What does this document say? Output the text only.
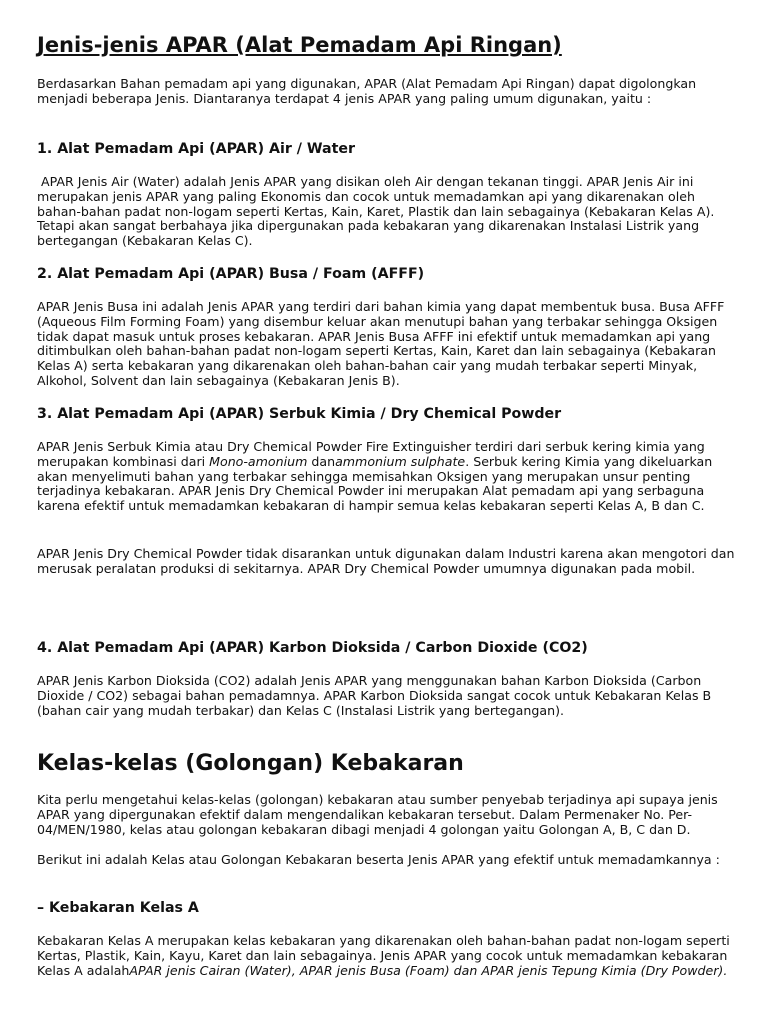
Jenis-jenis APAR (Alat Pemadam Api Ringan)

Berdasarkan Bahan pemadam api yang digunakan, APAR (Alat Pemadam Api Ringan) dapat digolongkan menjadi beberapa Jenis. Diantaranya terdapat 4 jenis APAR yang paling umum digunakan, yaitu :

1. Alat Pemadam Api (APAR) Air / Water

APAR Jenis Air (Water) adalah Jenis APAR yang disikan oleh Air dengan tekanan tinggi. APAR Jenis Air ini merupakan jenis APAR yang paling Ekonomis dan cocok untuk memadamkan api yang dikarenakan oleh bahan-bahan padat non-logam seperti Kertas, Kain, Karet, Plastik dan lain sebagainya (Kebakaran Kelas A). Tetapi akan sangat berbahaya jika dipergunakan pada kebakaran yang dikarenakan Instalasi Listrik yang bertegangan (Kebakaran Kelas C).

2. Alat Pemadam Api (APAR) Busa / Foam (AFFF)

APAR Jenis Busa ini adalah Jenis APAR yang terdiri dari bahan kimia yang dapat membentuk busa. Busa AFFF (Aqueous Film Forming Foam) yang disembur keluar akan menutupi bahan yang terbakar sehingga Oksigen tidak dapat masuk untuk proses kebakaran. APAR Jenis Busa AFFF ini efektif untuk memadamkan api yang ditimbulkan oleh bahan-bahan padat non-logam seperti Kertas, Kain, Karet dan lain sebagainya (Kebakaran Kelas A) serta kebakaran yang dikarenakan oleh bahan-bahan cair yang mudah terbakar seperti Minyak, Alkohol, Solvent dan lain sebagainya (Kebakaran Jenis B).

3. Alat Pemadam Api (APAR) Serbuk Kimia / Dry Chemical Powder

APAR Jenis Serbuk Kimia atau Dry Chemical Powder Fire Extinguisher terdiri dari serbuk kering kimia yang merupakan kombinasi dari Mono-amonium danammonium sulphate. Serbuk kering Kimia yang dikeluarkan akan menyelimuti bahan yang terbakar sehingga memisahkan Oksigen yang merupakan unsur penting terjadinya kebakaran. APAR Jenis Dry Chemical Powder ini merupakan Alat pemadam api yang serbaguna karena efektif untuk memadamkan kebakaran di hampir semua kelas kebakaran seperti Kelas A, B dan C.

APAR Jenis Dry Chemical Powder tidak disarankan untuk digunakan dalam Industri karena akan mengotori dan merusak peralatan produksi di sekitarnya. APAR Dry Chemical Powder umumnya digunakan pada mobil.

4. Alat Pemadam Api (APAR) Karbon Dioksida / Carbon Dioxide (CO2)

APAR Jenis Karbon Dioksida (CO2) adalah Jenis APAR yang menggunakan bahan Karbon Dioksida (Carbon Dioxide / CO2) sebagai bahan pemadamnya. APAR Karbon Dioksida sangat cocok untuk Kebakaran Kelas B (bahan cair yang mudah terbakar) dan Kelas C (Instalasi Listrik yang bertegangan).

Kelas-kelas (Golongan) Kebakaran

Kita perlu mengetahui kelas-kelas (golongan) kebakaran atau sumber penyebab terjadinya api supaya jenis APAR yang dipergunakan efektif dalam mengendalikan kebakaran tersebut. Dalam Permenaker No. Per-04/MEN/1980, kelas atau golongan kebakaran dibagi menjadi 4 golongan yaitu Golongan A, B, C dan D.

Berikut ini adalah Kelas atau Golongan Kebakaran beserta Jenis APAR yang efektif untuk memadamkannya :

– Kebakaran Kelas A

Kebakaran Kelas A merupakan kelas kebakaran yang dikarenakan oleh bahan-bahan padat non-logam seperti Kertas, Plastik, Kain, Kayu, Karet dan lain sebagainya. Jenis APAR yang cocok untuk memadamkan kebakaran Kelas A adalahAPAR jenis Cairan (Water), APAR jenis Busa (Foam) dan APAR jenis Tepung Kimia (Dry Powder).
